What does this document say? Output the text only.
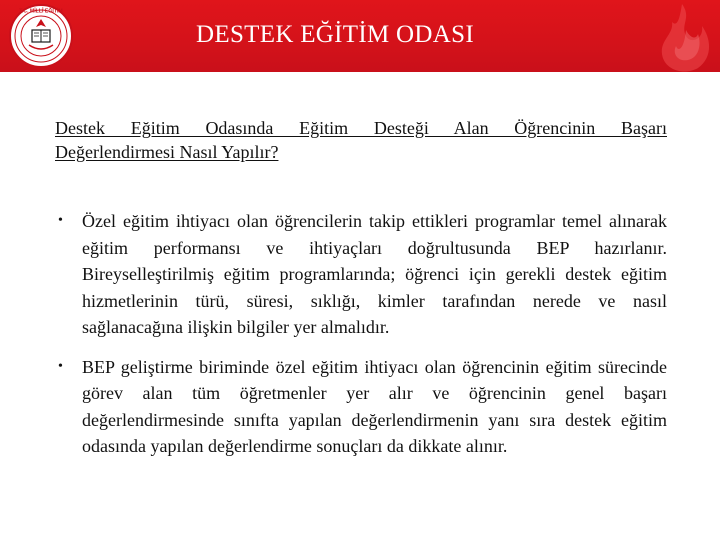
T.C. MİLLÎ EĞİTİM
DESTEK EĞİTİM ODASI
Destek Eğitim Odasında Eğitim Desteği Alan Öğrencinin Başarı
Değerlendirmesi Nasıl Yapılır?
• Özel eğitim ihtiyacı olan öğrencilerin takip ettikleri programlar temel alınarak eğitim performansı ve ihtiyaçları doğrultusunda BEP hazırlanır. Bireyselleştirilmiş eğitim programlarında; öğrenci için gerekli destek eğitim hizmetlerinin türü, süresi, sıklığı, kimler tarafından nerede ve nasıl sağlanacağına ilişkin bilgiler yer almalıdır.
• BEP geliştirme biriminde özel eğitim ihtiyacı olan öğrencinin eğitim sürecinde görev alan tüm öğretmenler yer alır ve öğrencinin genel başarı değerlendirmesinde sınıfta yapılan değerlendirmenin yanı sıra destek eğitim odasında yapılan değerlendirme sonuçları da dikkate alınır.
